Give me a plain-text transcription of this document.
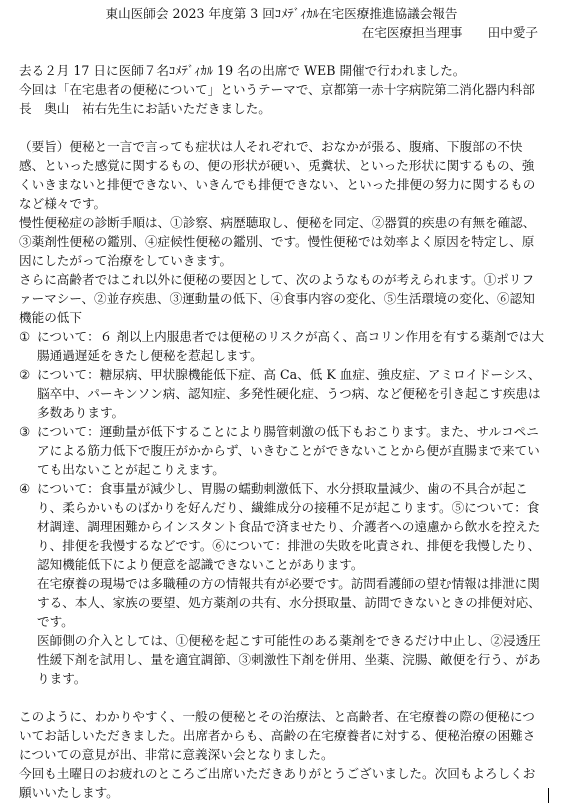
東山医師会 2023 年度第 3 回ｺﾒﾃﾞｨｶﾙ在宅医療推進協議会報告
在宅医療担当理事　　田中愛子

去る２月 17 日に医師７名ｺﾒﾃﾞｨｶﾙ 19 名の出席で WEB 開催で行われました。

今回は「在宅患者の便秘について」というテーマで、京都第一赤十字病院第二消化器内科部長　奥山　祐右先生にお話いただきました。

（要旨）便秘と一言で言っても症状は人それぞれで、おなかが張る、腹痛、下腹部の不快感、といった感覚に関するもの、便の形状が硬い、兎糞状、といった形状に関するもの、強くいきまないと排便できない、いきんでも排便できない、といった排便の努力に関するものなど様々です。

慢性便秘症の診断手順は、①診察、病歴聴取し、便秘を同定、②器質的疾患の有無を確認、③薬剤性便秘の鑑別、④症候性便秘の鑑別、です。慢性便秘では効率よく原因を特定し、原因にしたがって治療をしていきます。

さらに高齢者ではこれ以外に便秘の要因として、次のようなものが考えられます。①ポリファーマシー、②並存疾患、③運動量の低下、④食事内容の変化、⑤生活環境の変化、⑥認知機能の低下

① について：６ 剤以上内服患者では便秘のリスクが高く、高コリン作用を有する薬剤では大腸通過遅延をきたし便秘を惹起します。
② について：糖尿病、甲状腺機能低下症、高 Ca、低 K 血症、強皮症、アミロイドーシス、脳卒中、パーキンソン病、認知症、多発性硬化症、うつ病、など便秘を引き起こす疾患は多数あります。
③ について：運動量が低下することにより腸管刺激の低下もおこります。また、サルコペニアによる筋力低下で腹圧がかからず、いきむことができないことから便が直腸まで来ていても出ないことが起こりえます。
④ について：食事量が減少し、胃腸の蠕動刺激低下、水分摂取量減少、歯の不具合が起こり、柔らかいものばかりを好んだり、繊維成分の接種不足が起こります。⑤について：食材調達、調理困難からインスタント食品で済ませたり、介護者への遠慮から飲水を控えたり、排便を我慢するなどです。⑥について：排泄の失敗を叱責され、排便を我慢したり、認知機能低下により便意を認識できないことがあります。

在宅療養の現場では多職種の方の情報共有が必要です。訪問看護師の望む情報は排泄に関する、本人、家族の要望、処方薬剤の共有、水分摂取量、訪問できないときの排便対応、です。

医師側の介入としては、①便秘を起こす可能性のある薬剤をできるだけ中止し、②浸透圧性緩下剤を試用し、量を適宜調節、③刺激性下剤を併用、坐薬、浣腸、敵便を行う、があります。

このように、わかりやすく、一般の便秘とその治療法、と高齢者、在宅療養の際の便秘についてお話しいただきました。出席者からも、高齢の在宅療養者に対する、便秘治療の困難さについての意見が出、非常に意義深い会となりました。

今回も土曜日のお疲れのところご出席いただきありがとうございました。次回もよろしくお願いいたします。
